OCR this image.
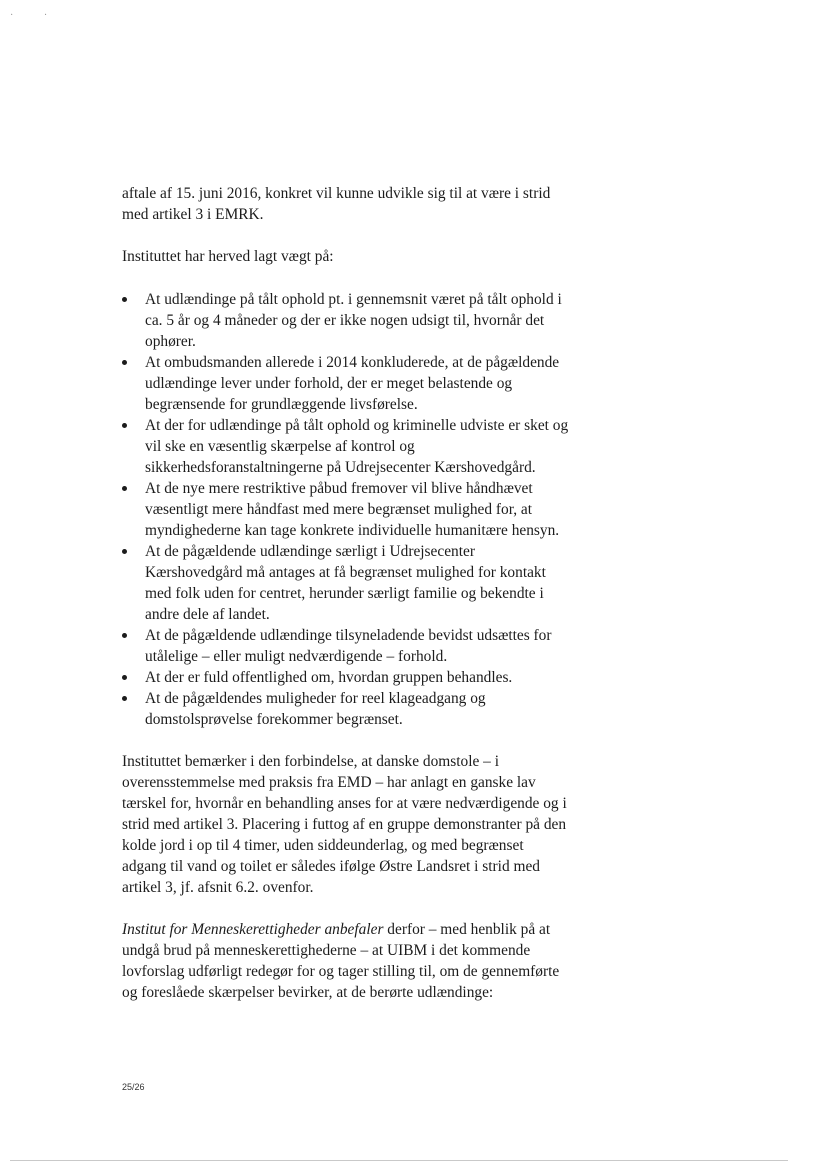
· ·

aftale af 15. juni 2016, konkret vil kunne udvikle sig til at være i strid med artikel 3 i EMRK.

Instituttet har herved lagt vægt på:

At udlændinge på tålt ophold pt. i gennemsnit været på tålt ophold i ca. 5 år og 4 måneder og der er ikke nogen udsigt til, hvornår det ophører.
At ombudsmanden allerede i 2014 konkluderede, at de pågældende udlændinge lever under forhold, der er meget belastende og begrænsende for grundlæggende livsførelse.
At der for udlændinge på tålt ophold og kriminelle udviste er sket og vil ske en væsentlig skærpelse af kontrol og sikkerhedsforanstaltningerne på Udrejsecenter Kærshovedgård.
At de nye mere restriktive påbud fremover vil blive håndhævet væsentligt mere håndfast med mere begrænset mulighed for, at myndighederne kan tage konkrete individuelle humanitære hensyn.
At de pågældende udlændinge særligt i Udrejsecenter Kærshovedgård må antages at få begrænset mulighed for kontakt med folk uden for centret, herunder særligt familie og bekendte i andre dele af landet.
At de pågældende udlændinge tilsyneladende bevidst udsættes for utålelige – eller muligt nedværdigende – forhold.
At der er fuld offentlighed om, hvordan gruppen behandles.
At de pågældendes muligheder for reel klageadgang og domstolsprøvelse forekommer begrænset.

Instituttet bemærker i den forbindelse, at danske domstole – i overensstemmelse med praksis fra EMD – har anlagt en ganske lav tærskel for, hvornår en behandling anses for at være nedværdigende og i strid med artikel 3. Placering i futtog af en gruppe demonstranter på den kolde jord i op til 4 timer, uden siddeunderlag, og med begrænset adgang til vand og toilet er således ifølge Østre Landsret i strid med artikel 3, jf. afsnit 6.2. ovenfor.

Institut for Menneskerettigheder anbefaler derfor – med henblik på at undgå brud på menneskerettighederne – at UIBM i det kommende lovforslag udførligt redegør for og tager stilling til, om de gennemførte og foreslåede skærpelser bevirker, at de berørte udlændinge:

25/26
